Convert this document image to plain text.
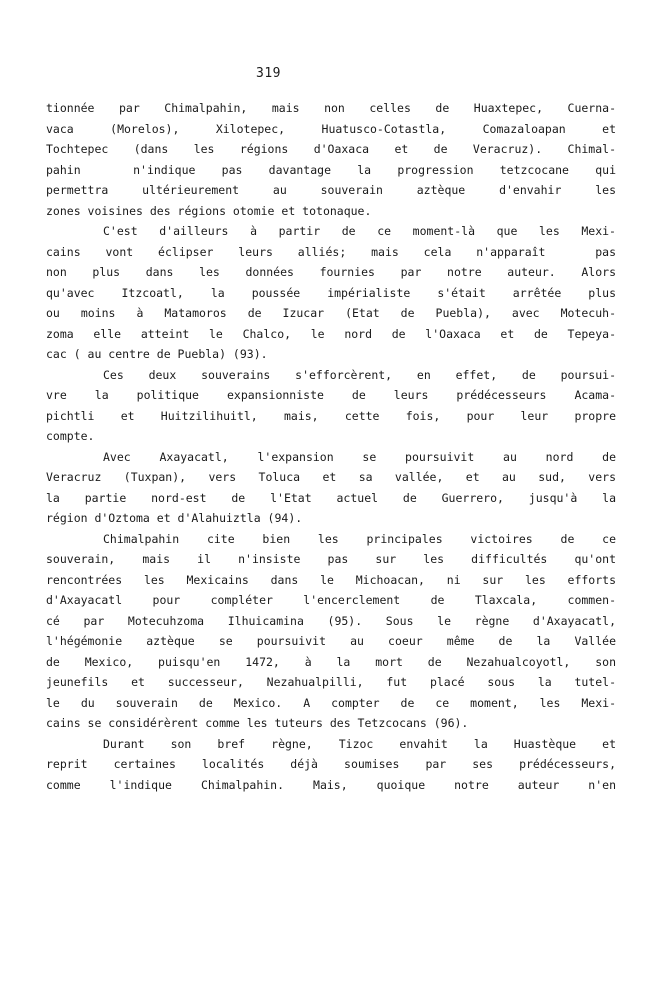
319
tionnée par Chimalpahin, mais non celles de Huaxtepec, Cuerna-
vaca (Morelos), Xilotepec, Huatusco-Cotastla, Comazaloapan et
Tochtepec (dans les régions d'Oaxaca et de Veracruz). Chimal-
pahin  n'indique pas davantage la progression tetzcocane qui
permettra ultérieurement au souverain aztèque d'envahir les
zones voisines des régions otomie et totonaque.
C'est d'ailleurs à partir de ce moment-là que les Mexi-
cains vont éclipser leurs alliés; mais cela n'apparaît  pas
non plus dans les données fournies par notre auteur. Alors
qu'avec Itzcoatl, la poussée impérialiste s'était arrêtée plus
ou moins à Matamoros de Izucar (Etat de Puebla), avec Motecuh-
zoma elle atteint le Chalco, le nord de l'Oaxaca et de Tepeya-
cac ( au centre de Puebla) (93).
Ces deux souverains s'efforcèrent, en effet, de poursui-
vre la politique expansionniste de leurs prédécesseurs Acama-
pichtli et Huitzilihuitl, mais, cette fois, pour leur propre
compte.
Avec Axayacatl, l'expansion se poursuivit au nord de
Veracruz (Tuxpan), vers Toluca et sa vallée, et au sud, vers
la partie nord-est de l'Etat actuel de Guerrero, jusqu'à la
région d'Oztoma et d'Alahuiztla (94).
Chimalpahin cite bien les principales victoires de ce
souverain, mais il n'insiste pas sur les difficultés qu'ont
rencontrées les Mexicains dans le Michoacan, ni sur les efforts
d'Axayacatl pour compléter l'encerclement de Tlaxcala, commen-
cé par Motecuhzoma Ilhuicamina (95). Sous le règne d'Axayacatl,
l'hégémonie aztèque se poursuivit au coeur même de la Vallée
de Mexico, puisqu'en 1472, à la mort de Nezahualcoyotl, son
jeunefils et successeur, Nezahualpilli, fut placé sous la tutel-
le du souverain de Mexico. A compter de ce moment, les Mexi-
cains se considérèrent comme les tuteurs des Tetzcocans (96).
Durant son bref règne, Tizoc envahit la Huastèque et
reprit certaines localités déjà soumises par ses prédécesseurs,
comme l'indique Chimalpahin. Mais, quoique notre auteur n'en
